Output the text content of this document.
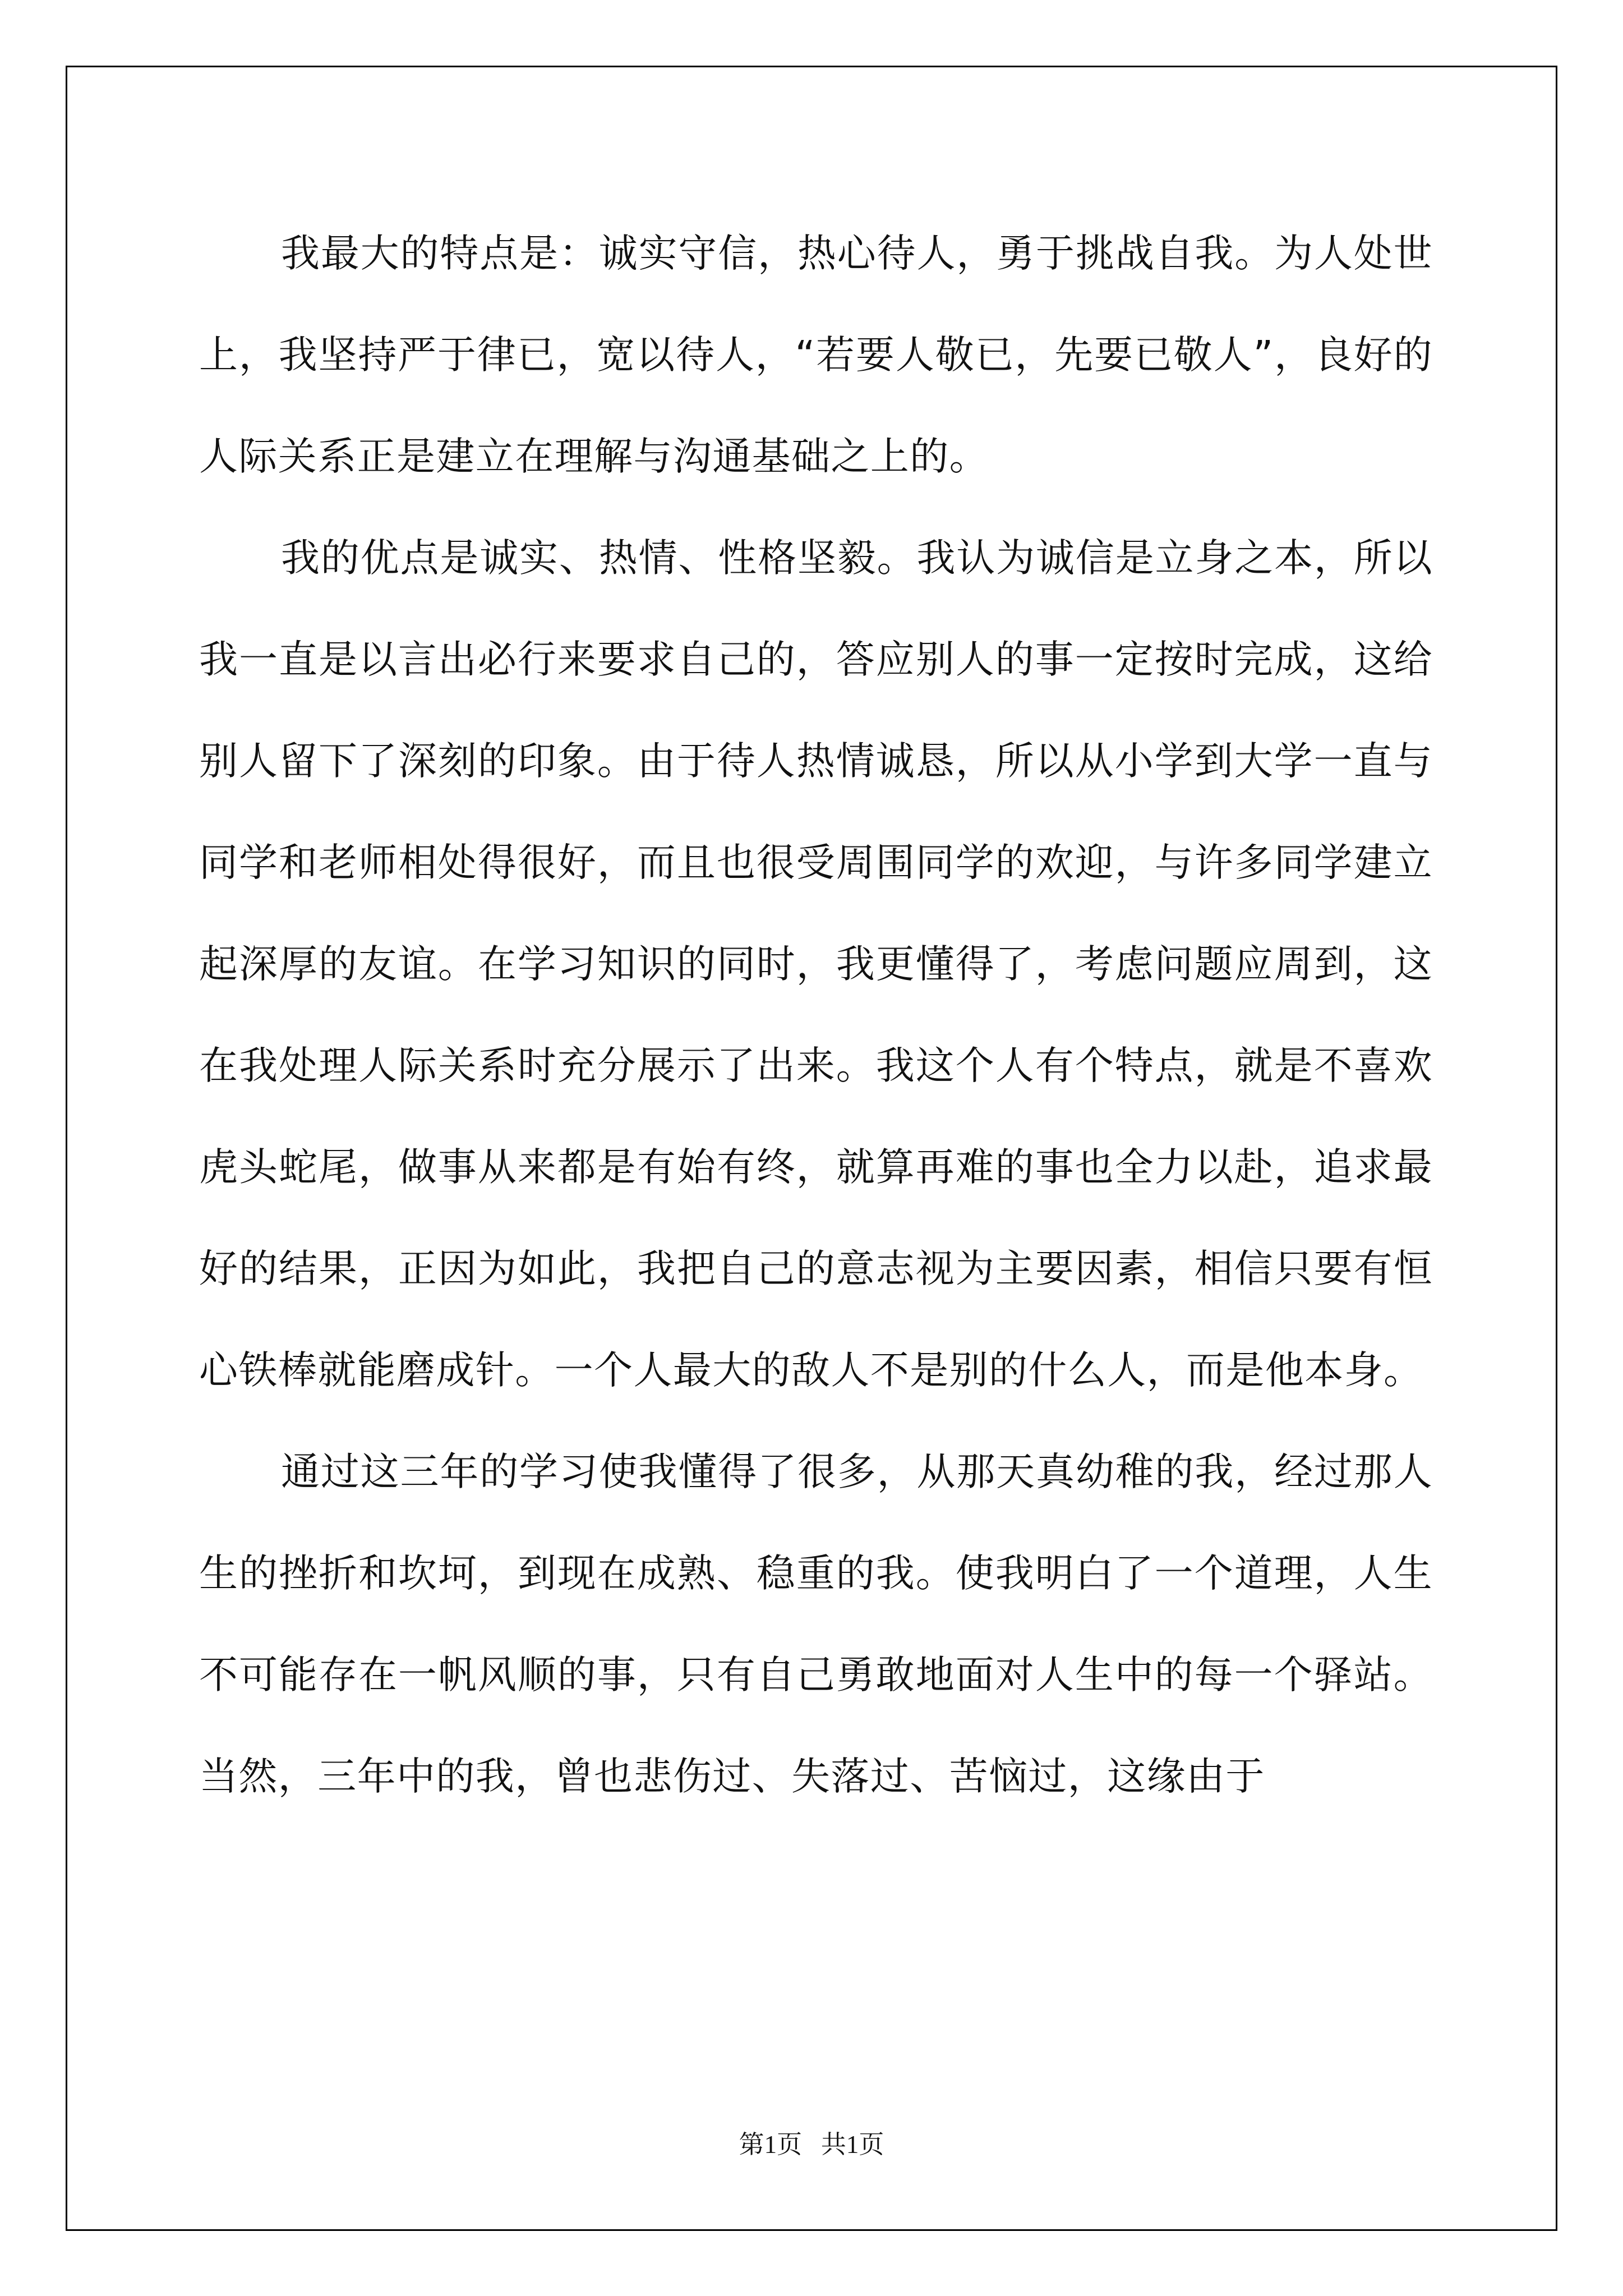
我最大的特点是：诚实守信，热心待人，勇于挑战自我。为人处世上，我坚持严于律已，宽以待人，“若要人敬已，先要已敬人”，良好的人际关系正是建立在理解与沟通基础之上的。

我的优点是诚实、热情、性格坚毅。我认为诚信是立身之本，所以我一直是以言出必行来要求自己的，答应别人的事一定按时完成，这给别人留下了深刻的印象。由于待人热情诚恳，所以从小学到大学一直与同学和老师相处得很好，而且也很受周围同学的欢迎，与许多同学建立起深厚的友谊。在学习知识的同时，我更懂得了，考虑问题应周到，这在我处理人际关系时充分展示了出来。我这个人有个特点，就是不喜欢虎头蛇尾，做事从来都是有始有终，就算再难的事也全力以赴，追求最好的结果，正因为如此，我把自己的意志视为主要因素，相信只要有恒心铁棒就能磨成针。一个人最大的敌人不是别的什么人，而是他本身。

通过这三年的学习使我懂得了很多，从那天真幼稚的我，经过那人生的挫折和坎坷，到现在成熟、稳重的我。使我明白了一个道理，人生不可能存在一帆风顺的事，只有自己勇敢地面对人生中的每一个驿站。当然，三年中的我，曾也悲伤过、失落过、苦恼过，这缘由于

第1页   共1页
